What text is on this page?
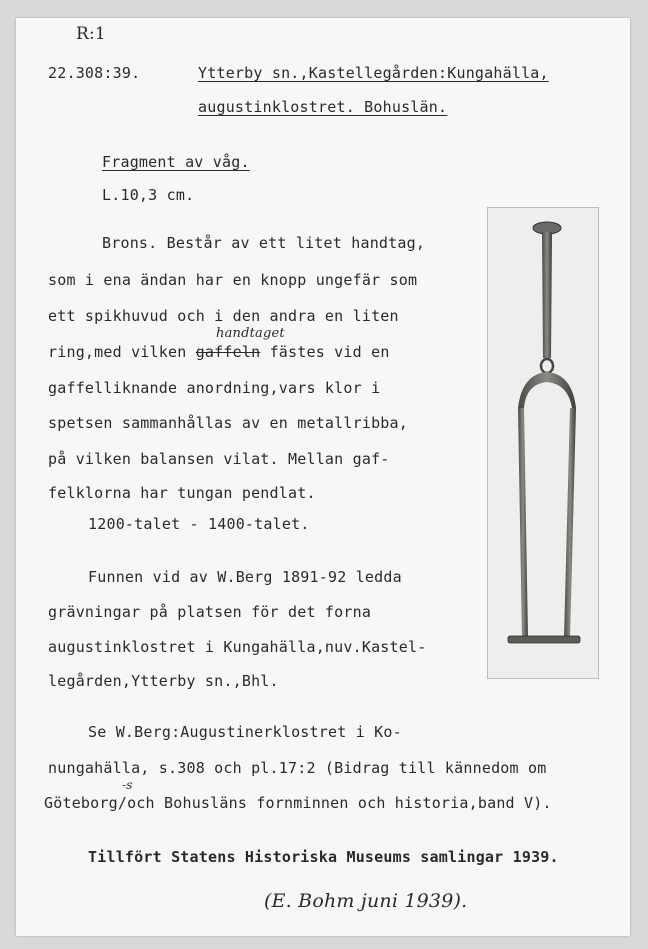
R:1
22.308:39.	Ytterby sn.,Kastellegården:Kungahälla,
augustinklostret. Bohuslän.
Fragment av våg.
L.10,3 cm.
Brons. Består av ett litet handtag,
som i ena ändan har en knopp ungefär som
ett spikhuvud och i den andra en liten
handtaget
ring,med vilken gaffeln fästes vid en
gaffelliknande anordning,vars klor i
spetsen sammanhållas av en metallribba,
på vilken balansen vilat. Mellan gaf-
felklorna har tungan pendlat.
1200-talet - 1400-talet.
Funnen vid av W.Berg 1891-92 ledda
grävningar på platsen för det forna
augustinklostret i Kungahälla,nuv.Kastel-
legården,Ytterby sn.,Bhl.
Se W.Berg:Augustinerklostret i Ko-
nungahälla, s.308 och pl.17:2 (Bidrag till kännedom om
-s
Göteborg/och Bohusläns fornminnen och historia,band V).
Tillfört Statens Historiska Museums samlingar 1939.
(E. Bohm juni 1939).
